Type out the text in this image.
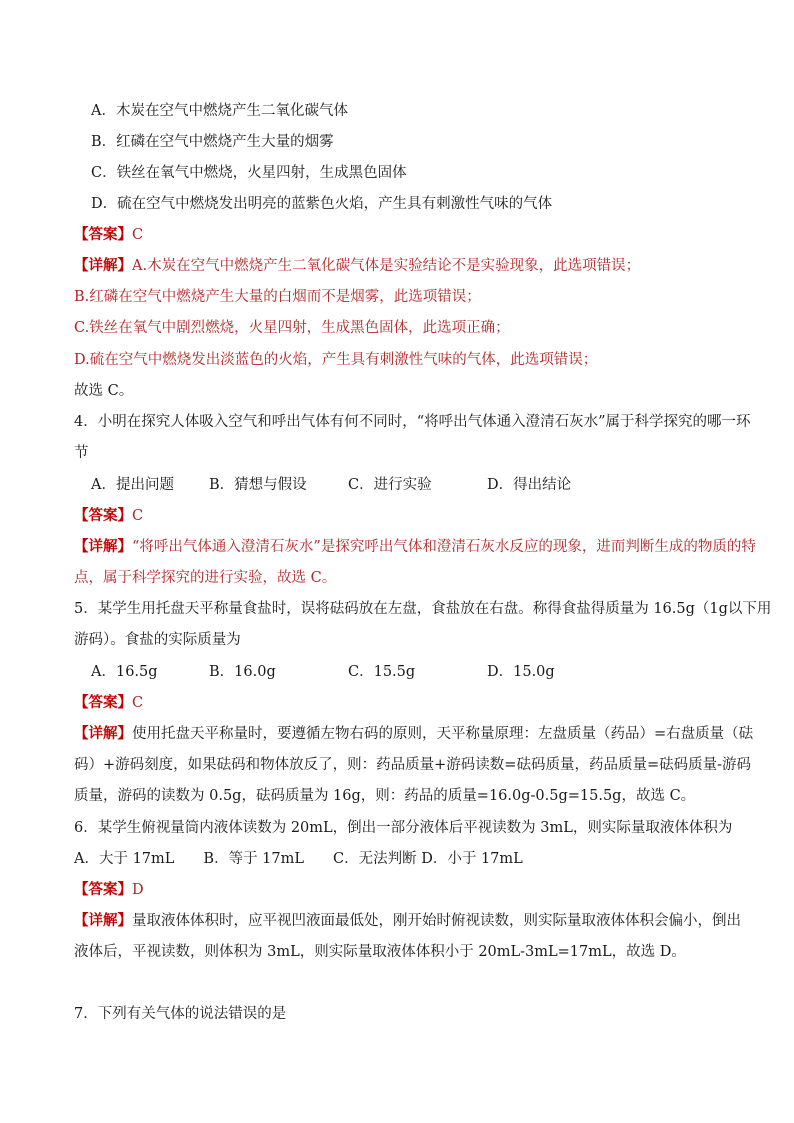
A．木炭在空气中燃烧产生二氧化碳气体
B．红磷在空气中燃烧产生大量的烟雾
C．铁丝在氧气中燃烧，火星四射，生成黑色固体
D．硫在空气中燃烧发出明亮的蓝紫色火焰，产生具有刺激性气味的气体
【答案】C
【详解】A.木炭在空气中燃烧产生二氧化碳气体是实验结论不是实验现象，此选项错误；
B.红磷在空气中燃烧产生大量的白烟而不是烟雾，此选项错误；
C.铁丝在氧气中剧烈燃烧，火星四射，生成黑色固体，此选项正确；
D.硫在空气中燃烧发出淡蓝色的火焰，产生具有刺激性气味的气体，此选项错误；
故选 C。
4．小明在探究人体吸入空气和呼出气体有何不同时，“将呼出气体通入澄清石灰水”属于科学探究的哪一环
节
A．提出问题 B．猜想与假设	C．进行实验	D．得出结论
【答案】C
【详解】“将呼出气体通入澄清石灰水”是探究呼出气体和澄清石灰水反应的现象，进而判断生成的物质的特
点，属于科学探究的进行实验，故选 C。
5．某学生用托盘天平称量食盐时，误将砝码放在左盘，食盐放在右盘。称得食盐得质量为 16.5g（1g以下用
游码）。食盐的实际质量为
A．16.5g	B．16.0g	C．15.5g	D．15.0g
【答案】C
【详解】使用托盘天平称量时，要遵循左物右码的原则，天平称量原理：左盘质量（药品）=右盘质量（砝
码）+游码刻度，如果砝码和物体放反了，则：药品质量+游码读数=砝码质量，药品质量=砝码质量-游码
质量，游码的读数为 0.5g，砝码质量为 16g，则：药品的质量=16.0g-0.5g=15.5g，故选 C。
6．某学生俯视量筒内液体读数为 20mL，倒出一部分液体后平视读数为 3mL，则实际量取液体体积为
A．大于 17mL　　B．等于 17mL　　C．无法判断 D．小于 17mL
【答案】D
【详解】量取液体体积时，应平视凹液面最低处，刚开始时俯视读数，则实际量取液体体积会偏小，倒出
液体后，平视读数，则体积为 3mL，则实际量取液体体积小于 20mL-3mL=17mL，故选 D。
7．下列有关气体的说法错误的是
